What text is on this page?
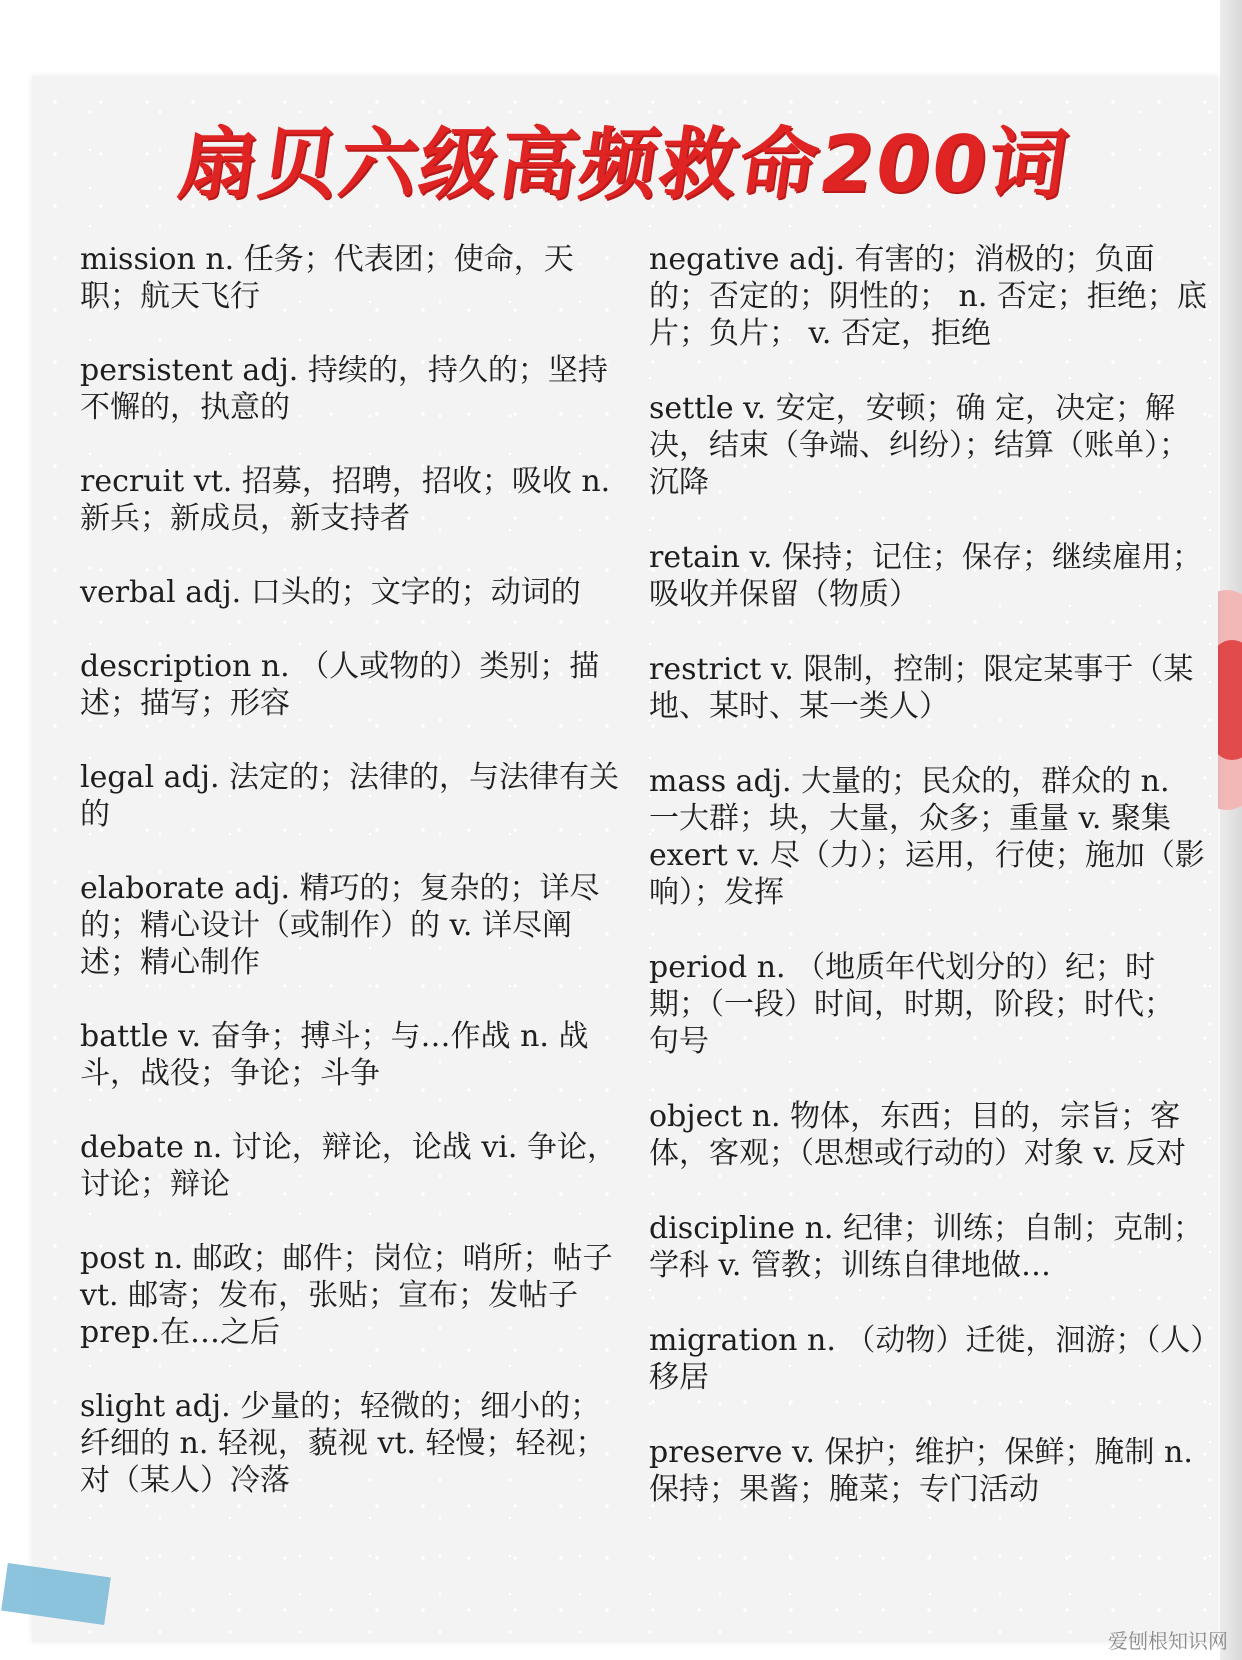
扇贝六级高频救命200词

mission n. 任务；代表团；使命，天职；航天飞行

persistent adj. 持续的，持久的；坚持不懈的，执意的

recruit vt. 招募，招聘，招收；吸收 n. 新兵；新成员，新支持者

verbal adj. 口头的；文字的；动词的

description n. （人或物的）类别；描述；描写；形容

legal adj. 法定的；法律的，与法律有关的

elaborate adj. 精巧的；复杂的；详尽的；精心设计（或制作）的 v. 详尽阐述；精心制作

battle v. 奋争；搏斗；与…作战 n. 战斗，战役；争论；斗争

debate n. 讨论，辩论，论战 vi. 争论，讨论；辩论

post n. 邮政；邮件；岗位；哨所；帖子 vt. 邮寄；发布，张贴；宣布；发帖子 prep.在…之后

slight adj. 少量的；轻微的；细小的；纤细的 n. 轻视，藐视 vt. 轻慢；轻视；对（某人）冷落

negative adj. 有害的；消极的；负面的；否定的；阴性的； n. 否定；拒绝；底片；负片； v. 否定，拒绝

settle v. 安定，安顿；确 定，决定；解决，结束（争端、纠纷）；结算（账单）；沉降

retain v. 保持；记住；保存；继续雇用；吸收并保留（物质）

restrict v. 限制，控制；限定某事于（某地、某时、某一类人）

mass adj. 大量的；民众的，群众的 n. 一大群；块，大量，众多；重量 v. 聚集exert v. 尽（力）；运用，行使；施加（影响）；发挥

period n. （地质年代划分的）纪；时期；（一段）时间，时期，阶段；时代； 句号

object n. 物体，东西；目的，宗旨；客体，客观；（思想或行动的）对象 v. 反对

discipline n. 纪律；训练；自制；克制；学科 v. 管教；训练自律地做…

migration n. （动物）迁徙，洄游；（人）移居

preserve v. 保护；维护；保鲜；腌制 n. 保持；果酱；腌菜；专门活动

爱刨根知识网
